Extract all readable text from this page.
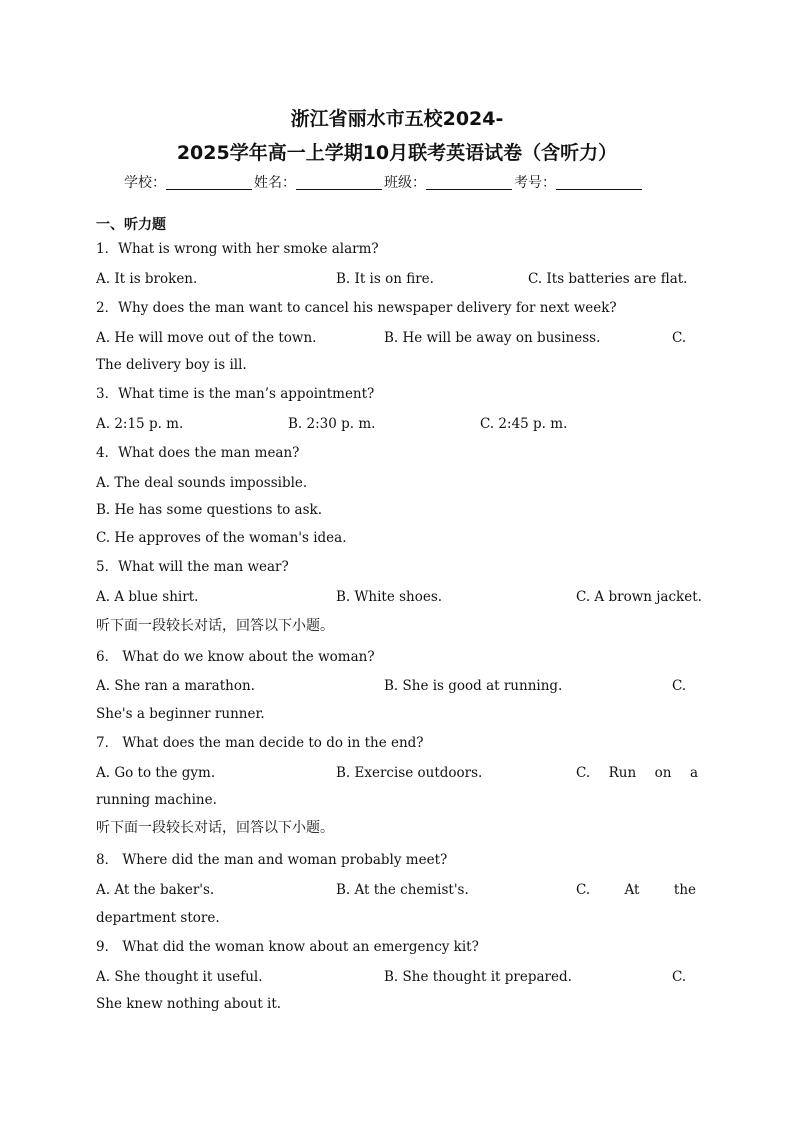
浙江省丽水市五校2024-
2025学年高一上学期10月联考英语试卷（含听力）
学校：	姓名：	班级：	考号：
一、听力题
1．What is wrong with her smoke alarm?
A. It is broken.	B. It is on fire.	C. Its batteries are flat.
2．Why does the man want to cancel his newspaper delivery for next week?
A. He will move out of the town.	B. He will be away on business.	C.
The delivery boy is ill.
3．What time is the man’s appointment?
A. 2:15 p. m.	B. 2:30 p. m.	C. 2:45 p. m.
4．What does the man mean?
A. The deal sounds impossible.
B. He has some questions to ask.
C. He approves of the woman's idea.
5．What will the man wear?
A. A blue shirt.	B. White shoes.	C. A brown jacket.
听下面一段较长对话，回答以下小题。
6． What do we know about the woman?
A. She ran a marathon.	B. She is good at running.	C.
She's a beginner runner.
7． What does the man decide to do in the end?
A. Go to the gym.	B. Exercise outdoors.	C. Run on a
running machine.
听下面一段较长对话，回答以下小题。
8． Where did the man and woman probably meet?
A. At the baker's.	B. At the chemist's.	C.	At	the
department store.
9． What did the woman know about an emergency kit?
A. She thought it useful.	B. She thought it prepared.	C.
She knew nothing about it.
